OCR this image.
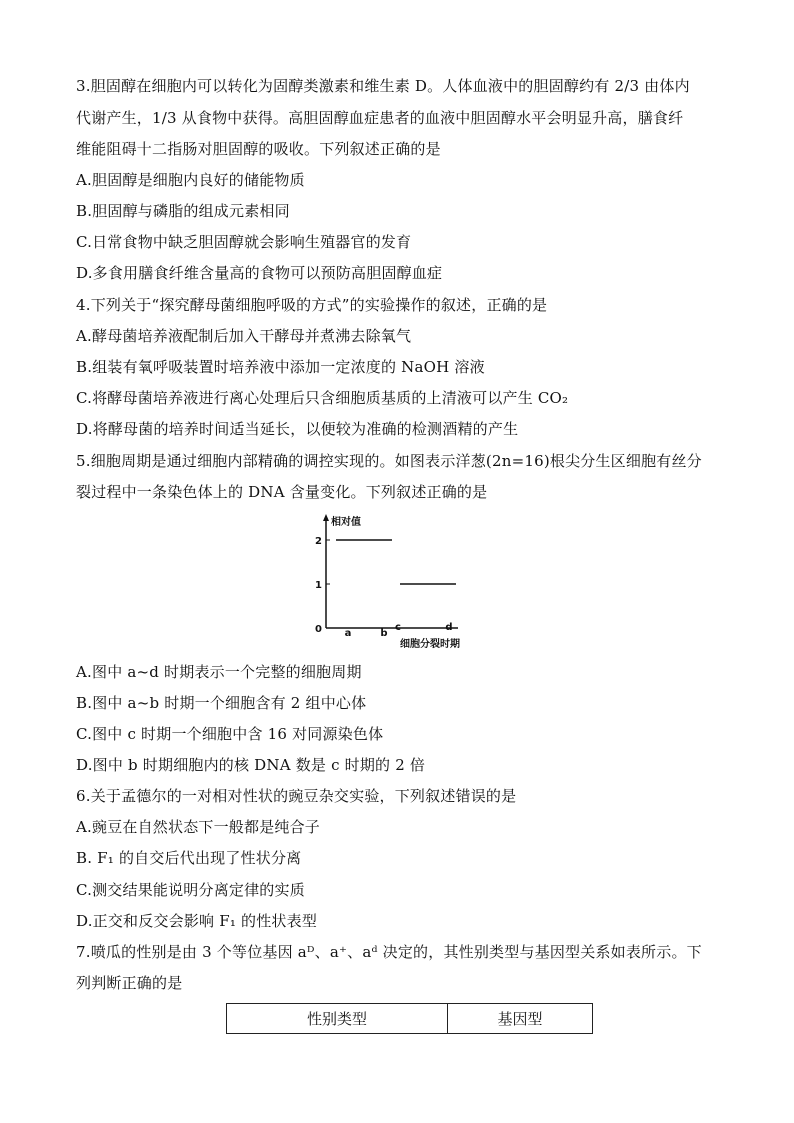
3.胆固醇在细胞内可以转化为固醇类激素和维生素 D。人体血液中的胆固醇约有 2/3 由体内
代谢产生，1/3 从食物中获得。高胆固醇血症患者的血液中胆固醇水平会明显升高，膳食纤
维能阻碍十二指肠对胆固醇的吸收。下列叙述正确的是
A.胆固醇是细胞内良好的储能物质
B.胆固醇与磷脂的组成元素相同
C.日常食物中缺乏胆固醇就会影响生殖器官的发育
D.多食用膳食纤维含量高的食物可以预防高胆固醇血症
4.下列关于“探究酵母菌细胞呼吸的方式”的实验操作的叙述，正确的是
A.酵母菌培养液配制后加入干酵母并煮沸去除氧气
B.组装有氧呼吸装置时培养液中添加一定浓度的 NaOH 溶液
C.将酵母菌培养液进行离心处理后只含细胞质基质的上清液可以产生 CO₂
D.将酵母菌的培养时间适当延长，以便较为准确的检测酒精的产生
5.细胞周期是通过细胞内部精确的调控实现的。如图表示洋葱(2n=16)根尖分生区细胞有丝分
裂过程中一条染色体上的 DNA 含量变化。下列叙述正确的是
相对值
细胞分裂时期
0
1
2
a	b
c	d
A.图中 a~d 时期表示一个完整的细胞周期
B.图中 a~b 时期一个细胞含有 2 组中心体
C.图中 c 时期一个细胞中含 16 对同源染色体
D.图中 b 时期细胞内的核 DNA 数是 c 时期的 2 倍
6.关于孟德尔的一对相对性状的豌豆杂交实验，下列叙述错误的是
A.豌豆在自然状态下一般都是纯合子
B. F₁ 的自交后代出现了性状分离
C.测交结果能说明分离定律的实质
D.正交和反交会影响 F₁ 的性状表型
7.喷瓜的性别是由 3 个等位基因 aᴰ、a⁺、aᵈ 决定的，其性别类型与基因型关系如表所示。下
列判断正确的是
性别类型	基因型
